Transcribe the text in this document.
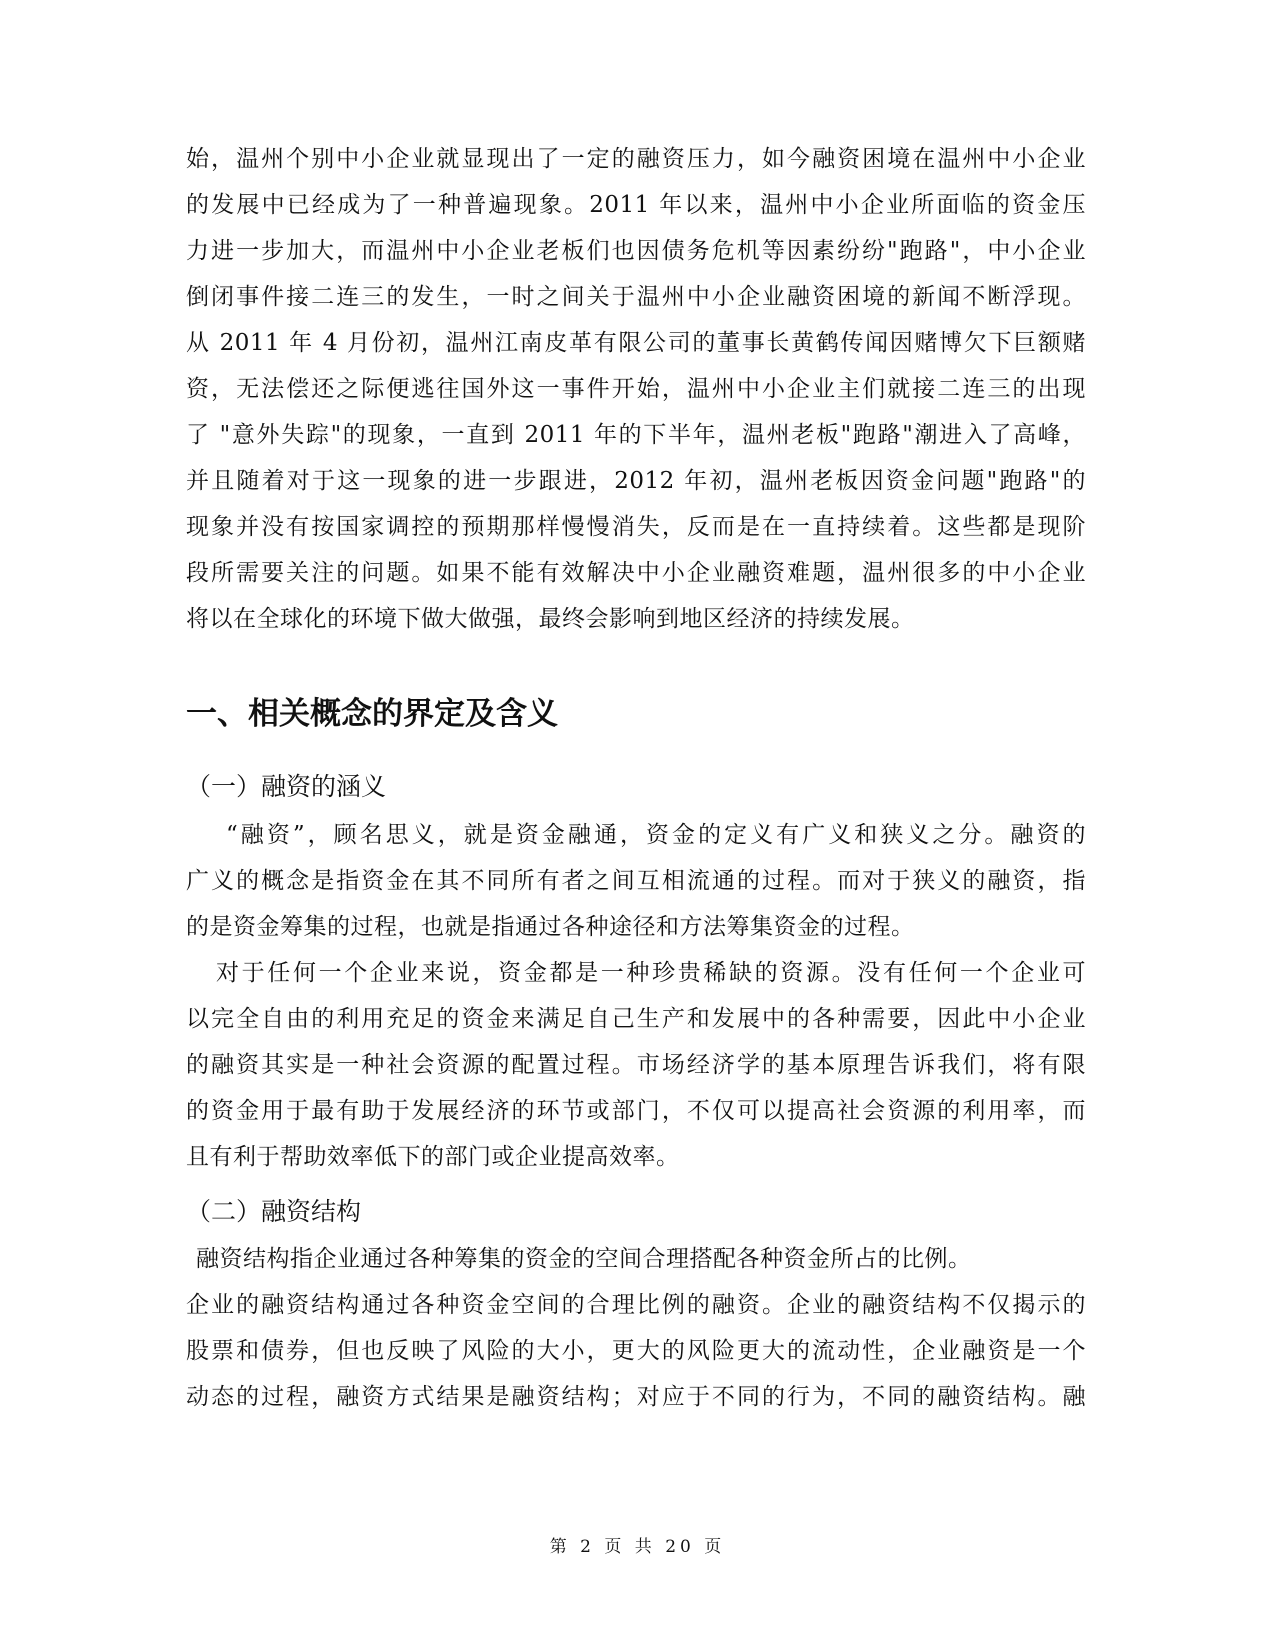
始，温州个别中小企业就显现出了一定的融资压力，如今融资困境在温州中小企业
的发展中已经成为了一种普遍现象。2011 年以来，温州中小企业所面临的资金压
力进一步加大，而温州中小企业老板们也因债务危机等因素纷纷"跑路"，中小企业
倒闭事件接二连三的发生，一时之间关于温州中小企业融资困境的新闻不断浮现。
从 2011 年 4 月份初，温州江南皮革有限公司的董事长黄鹤传闻因赌博欠下巨额赌
资，无法偿还之际便逃往国外这一事件开始，温州中小企业主们就接二连三的出现
了 "意外失踪"的现象，一直到 2011 年的下半年，温州老板"跑路"潮进入了高峰，
并且随着对于这一现象的进一步跟进，2012 年初，温州老板因资金问题"跑路"的
现象并没有按国家调控的预期那样慢慢消失，反而是在一直持续着。这些都是现阶
段所需要关注的问题。如果不能有效解决中小企业融资难题，温州很多的中小企业
将以在全球化的环境下做大做强，最终会影响到地区经济的持续发展。
一、相关概念的界定及含义
（一）融资的涵义
“融资”，顾名思义，就是资金融通，资金的定义有广义和狭义之分。融资的
广义的概念是指资金在其不同所有者之间互相流通的过程。而对于狭义的融资，指
的是资金筹集的过程，也就是指通过各种途径和方法筹集资金的过程。
对于任何一个企业来说，资金都是一种珍贵稀缺的资源。没有任何一个企业可
以完全自由的利用充足的资金来满足自己生产和发展中的各种需要，因此中小企业
的融资其实是一种社会资源的配置过程。市场经济学的基本原理告诉我们，将有限
的资金用于最有助于发展经济的环节或部门，不仅可以提高社会资源的利用率，而
且有利于帮助效率低下的部门或企业提高效率。
（二）融资结构
融资结构指企业通过各种筹集的资金的空间合理搭配各种资金所占的比例。
企业的融资结构通过各种资金空间的合理比例的融资。企业的融资结构不仅揭示的
股票和债券，但也反映了风险的大小，更大的风险更大的流动性，企业融资是一个
动态的过程，融资方式结果是融资结构；对应于不同的行为，不同的融资结构。融
第 2 页 共 20 页
